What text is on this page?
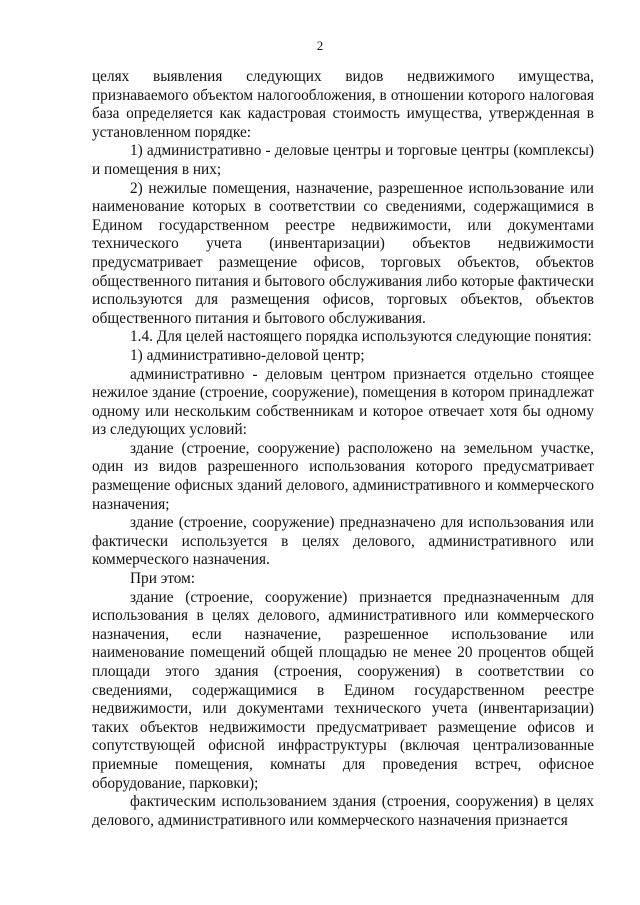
2

целях выявления следующих видов недвижимого имущества, признаваемого объектом налогообложения, в отношении которого налоговая база определяется как кадастровая стоимость имущества, утвержденная в установленном порядке:

1) административно - деловые центры и торговые центры (комплексы) и помещения в них;

2) нежилые помещения, назначение, разрешенное использование или наименование которых в соответствии со сведениями, содержащимися в Едином государственном реестре недвижимости, или документами технического учета (инвентаризации) объектов недвижимости предусматривает размещение офисов, торговых объектов, объектов общественного питания и бытового обслуживания либо которые фактически используются для размещения офисов, торговых объектов, объектов общественного питания и бытового обслуживания.

1.4. Для целей настоящего порядка используются следующие понятия:

1) административно-деловой центр;

административно - деловым центром признается отдельно стоящее нежилое здание (строение, сооружение), помещения в котором принадлежат одному или нескольким собственникам и которое отвечает хотя бы одному из следующих условий:

здание (строение, сооружение) расположено на земельном участке, один из видов разрешенного использования которого предусматривает размещение офисных зданий делового, административного и коммерческого назначения;

здание (строение, сооружение) предназначено для использования или фактически используется в целях делового, административного или коммерческого назначения.

При этом:

здание (строение, сооружение) признается предназначенным для использования в целях делового, административного или коммерческого назначения, если назначение, разрешенное использование или наименование помещений общей площадью не менее 20 процентов общей площади этого здания (строения, сооружения) в соответствии со сведениями, содержащимися в Едином государственном реестре недвижимости, или документами технического учета (инвентаризации) таких объектов недвижимости предусматривает размещение офисов и сопутствующей офисной инфраструктуры (включая централизованные приемные помещения, комнаты для проведения встреч, офисное оборудование, парковки);

фактическим использованием здания (строения, сооружения) в целях делового, административного или коммерческого назначения признается
